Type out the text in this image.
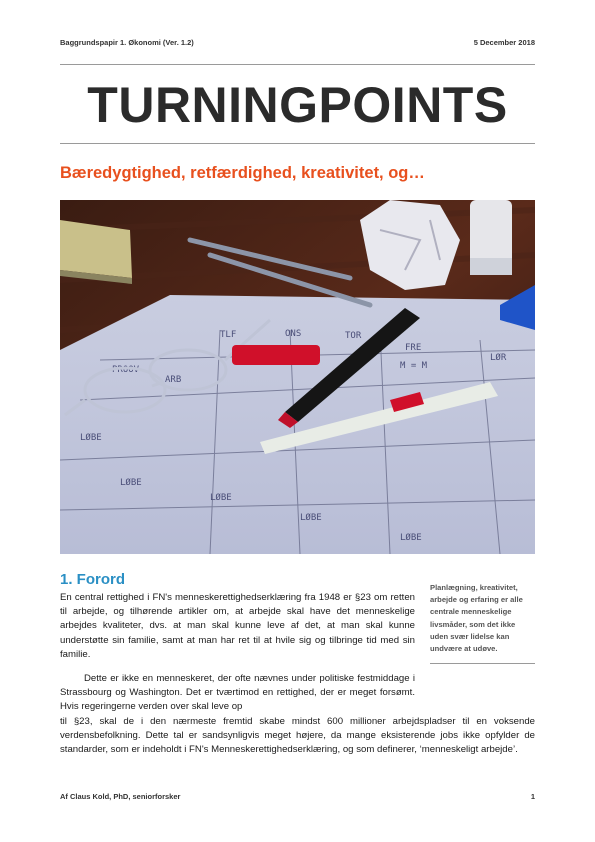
Baggrundspapir 1. Økonomi (Ver. 1.2)	5 December 2018
TURNINGPOINTS
Bæredygtighed, retfærdighed, kreativitet, og…
TLF	ONS	TOR
FRE
LØR
M = M
ARB
LØBE
LØBE
LØBE
LØBE
LØBE
PROOV
1. Forord
En central rettighed i FN's menneskerettighedserklæring fra 1948 er §23 om retten til arbejde, og tilhørende artikler om, at arbejde skal have det menneskelige arbejdes kvaliteter, dvs. at man skal kunne leve af det, at man skal kunne understøtte sin familie, samt at man har ret til at hvile sig og tilbringe tid med sin familie.
Planlægning, kreativitet, arbejde og erfaring er alle centrale menneskelige livsmåder, som det ikke uden svær lidelse kan undvære at udøve.
Dette er ikke en menneskeret, der ofte nævnes under politiske festmiddage i Strassbourg og Washington. Det er tværtimod en rettighed, der er meget forsømt. Hvis regeringerne verden over skal leve op
til §23, skal de i den nærmeste fremtid skabe mindst 600 millioner arbejdspladser til en voksende verdensbefolkning. Dette tal er sandsynligvis meget højere, da mange eksisterende jobs ikke opfylder de standarder, som er indeholdt i FN's Menneskerettighedserklæring, og som definerer, ‘menneskeligt arbejde’.
Af Claus Kold, PhD, seniorforsker	1
